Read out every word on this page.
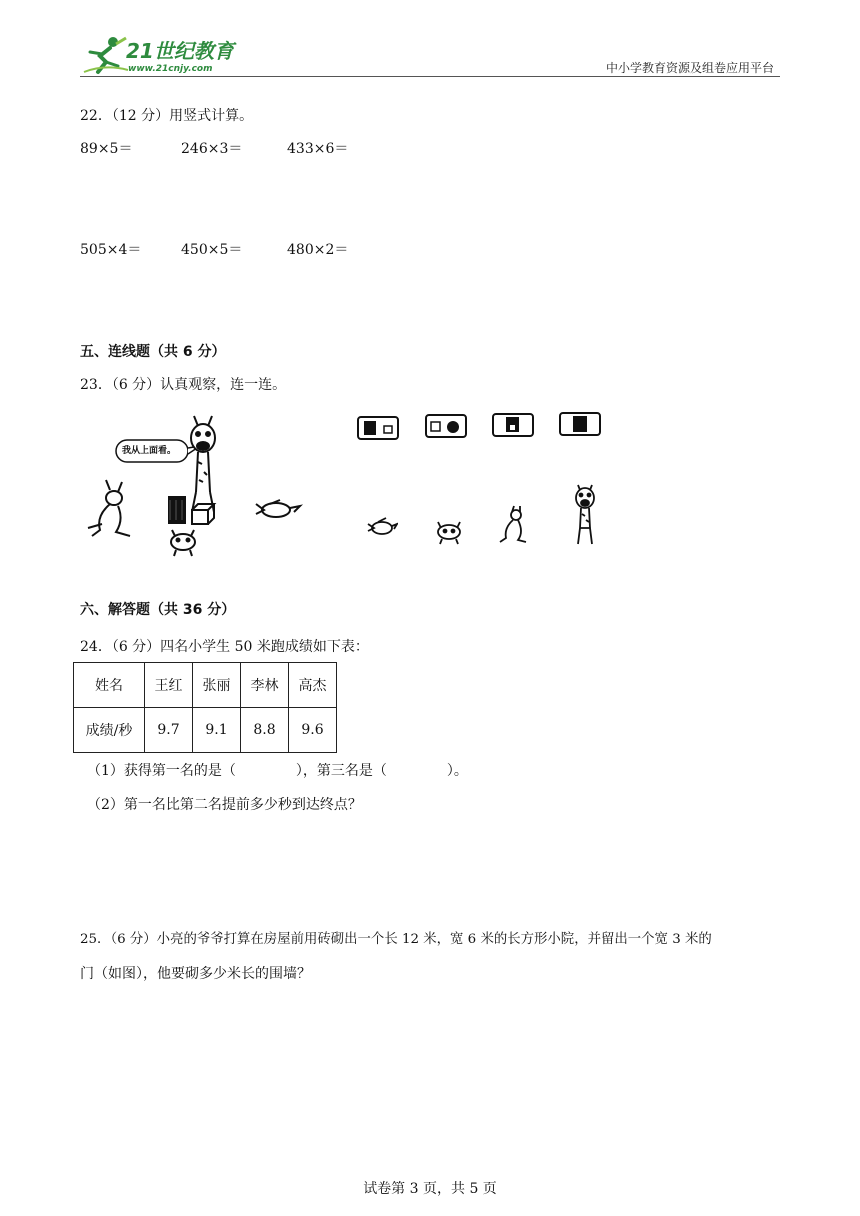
21世纪教育
www.21cnjy.com	中小学教育资源及组卷应用平台
22．（12 分）用竖式计算。
89×5＝	246×3＝	433×6＝
505×4＝	450×5＝	480×2＝
五、连线题（共 6 分）
23．（6 分）认真观察，连一连。
我从上面看。
六、解答题（共 36 分）
24．（6 分）四名小学生 50 米跑成绩如下表：
姓名	王红	张丽	李林	高杰
成绩/秒	9.7	9.1	8.8	9.6
（1）获得第一名的是（	），第三名是（	）。
（2）第一名比第二名提前多少秒到达终点？
25．（6 分）小亮的爷爷打算在房屋前用砖砌出一个长 12 米，宽 6 米的长方形小院，并留出一个宽 3 米的
门（如图），他要砌多少米长的围墙？
试卷第 3 页，共 5 页
